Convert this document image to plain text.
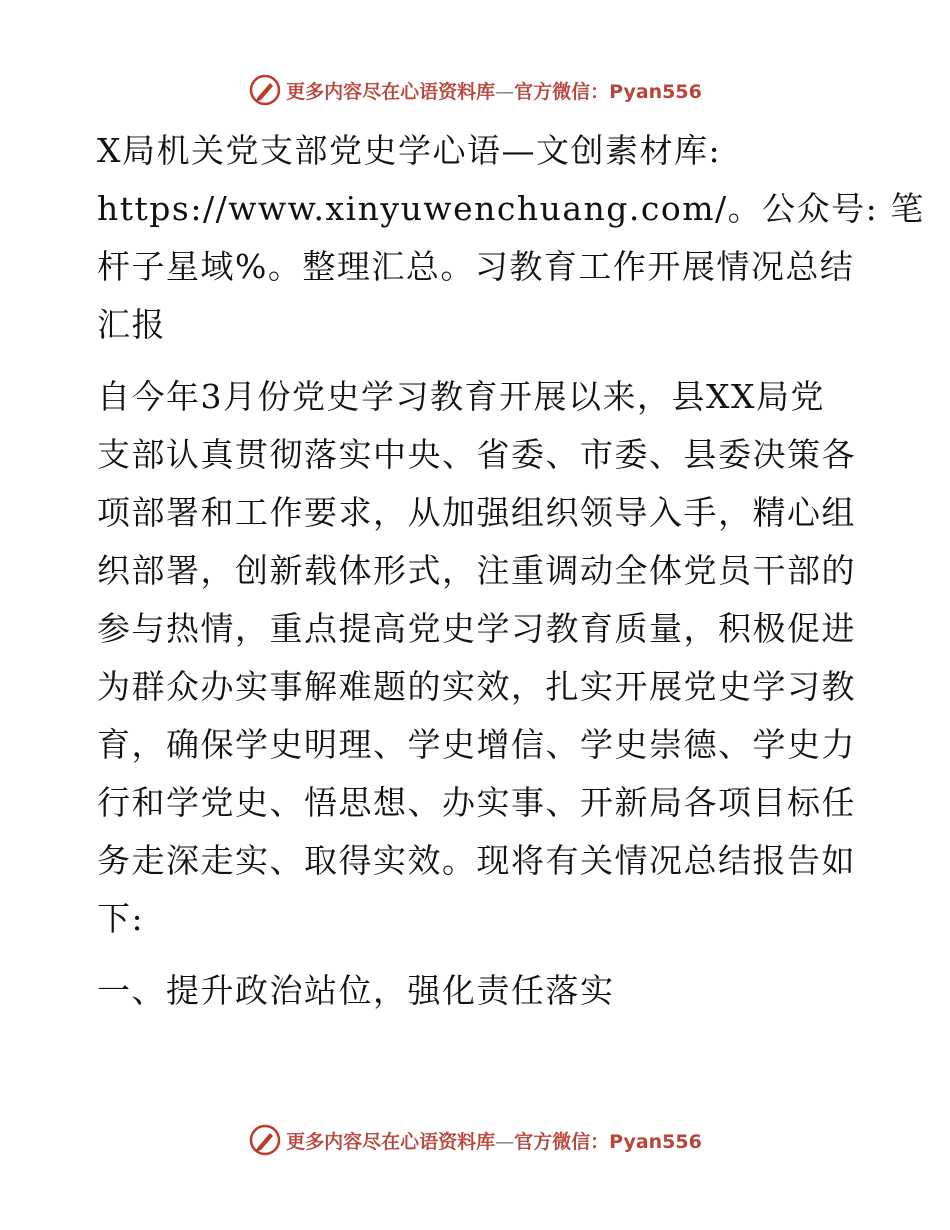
更多内容尽在心语资料库—官方微信：Pyan556

X局机关党支部党史学心语—文创素材库:
https://www.xinyuwenchuang.com/。公众号: 笔
杆子星域%。整理汇总。习教育工作开展情况总结
汇报

自今年3月份党史学习教育开展以来，县XX局党
支部认真贯彻落实中央、省委、市委、县委决策各
项部署和工作要求，从加强组织领导入手，精心组
织部署，创新载体形式，注重调动全体党员干部的
参与热情，重点提高党史学习教育质量，积极促进
为群众办实事解难题的实效，扎实开展党史学习教
育，确保学史明理、学史增信、学史崇德、学史力
行和学党史、悟思想、办实事、开新局各项目标任
务走深走实、取得实效。现将有关情况总结报告如
下:

一、提升政治站位，强化责任落实

更多内容尽在心语资料库—官方微信：Pyan556
